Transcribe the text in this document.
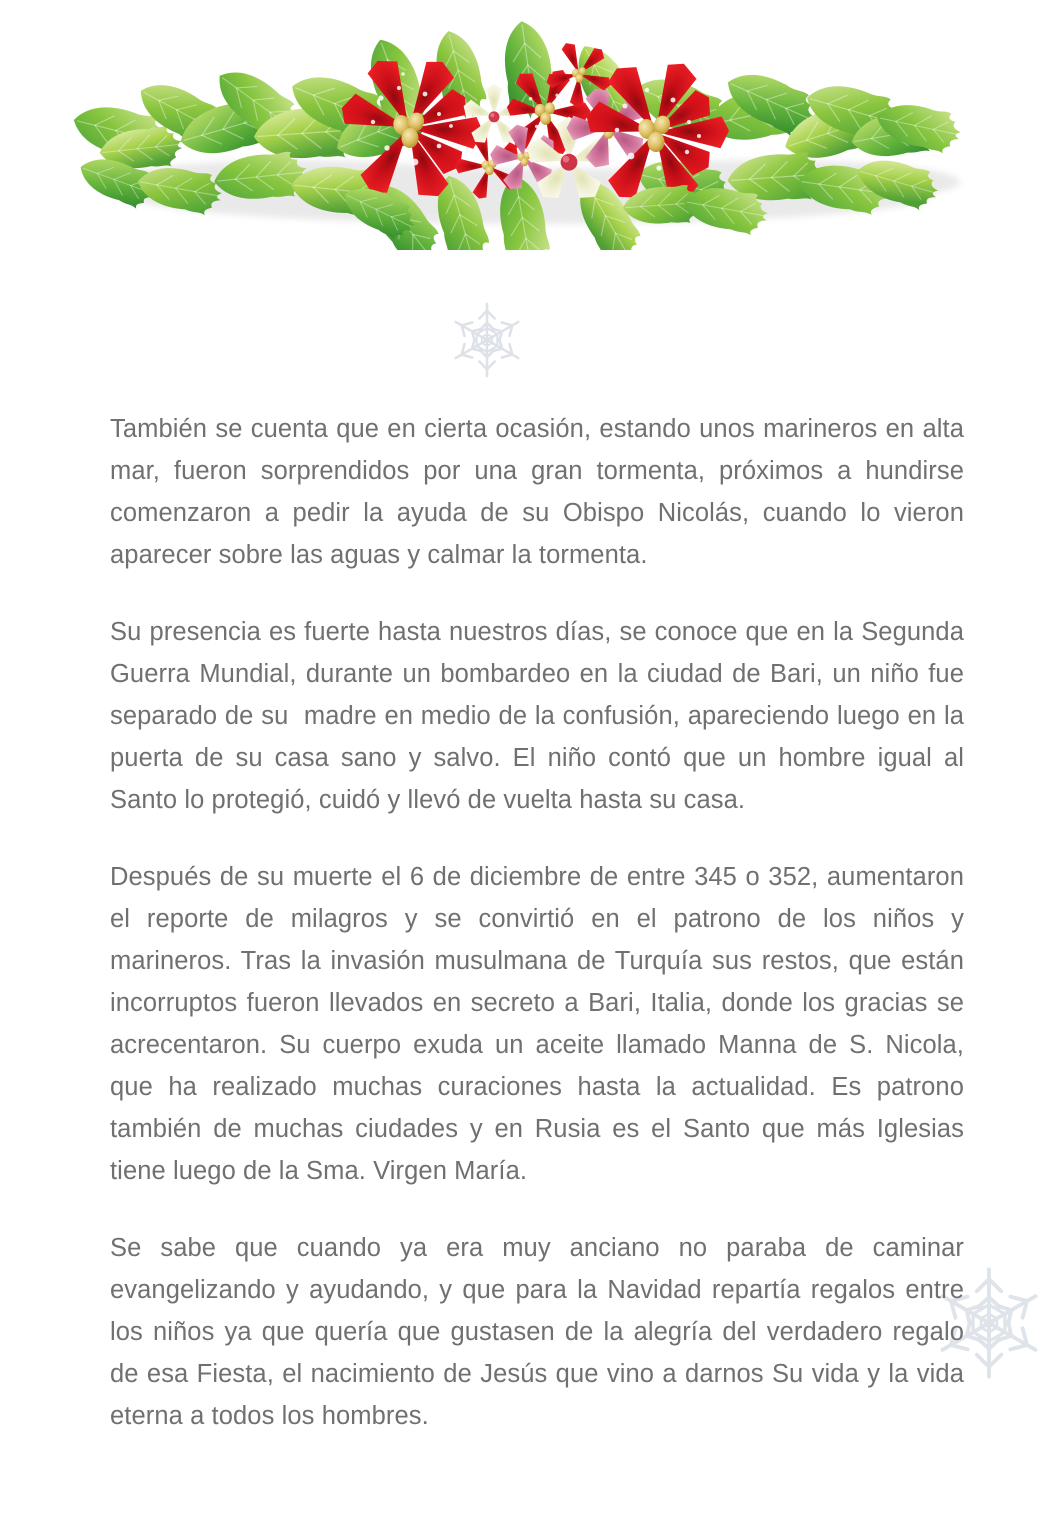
También se cuenta que en cierta ocasión, estando unos marineros en alta mar, fueron sorprendidos por una gran tormenta, próximos a hundirse comenzaron a pedir la ayuda de su Obispo Nicolás, cuando lo vieron aparecer sobre las aguas y calmar la tormenta.

Su presencia es fuerte hasta nuestros días, se conoce que en la Segunda Guerra Mundial, durante un bombardeo en la ciudad de Bari, un niño fue separado de su  madre en medio de la confusión, apareciendo luego en la puerta de su casa sano y salvo. El niño contó que un hombre igual al Santo lo protegió, cuidó y llevó de vuelta hasta su casa.

Después de su muerte el 6 de diciembre de entre 345 o 352, aumentaron el reporte de milagros y se convirtió en el patrono de los niños y marineros. Tras la invasión musulmana de Turquía sus restos, que están incorruptos fueron llevados en secreto a Bari, Italia, donde los gracias se acrecentaron. Su cuerpo exuda un aceite llamado Manna de S. Nicola, que ha realizado muchas curaciones hasta la actualidad. Es patrono también de muchas ciudades y en Rusia es el Santo que más Iglesias tiene luego de la Sma. Virgen María.

Se sabe que cuando ya era muy anciano no paraba de caminar evangelizando y ayudando, y que para la Navidad repartía regalos entre los niños ya que quería que gustasen de la alegría del verdadero regalo de esa Fiesta, el nacimiento de Jesús que vino a darnos Su vida y la vida eterna a todos los hombres.
